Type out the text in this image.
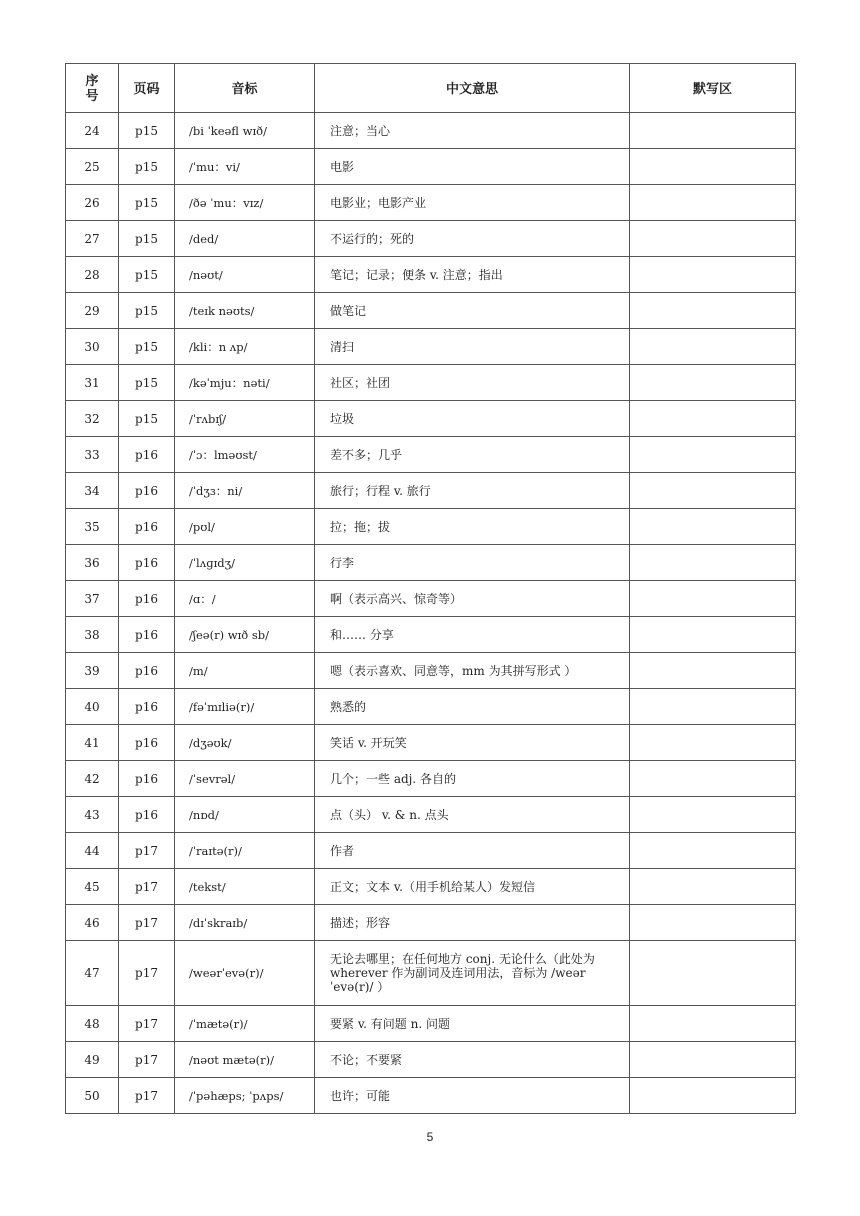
序号	页码	音标	中文意思	默写区
24	p15	/bi ˈkeəfl wɪð/	注意；当心	
25	p15	/ˈmu：vi/	电影	
26	p15	/ðə ˈmu：vɪz/	电影业；电影产业	
27	p15	/ded/	不运行的；死的	
28	p15	/nəʊt/	笔记；记录；便条 v. 注意；指出	
29	p15	/teɪk nəʊts/	做笔记	
30	p15	/kli：n ʌp/	清扫	
31	p15	/kəˈmju：nəti/	社区；社团	
32	p15	/ˈrʌbɪʃ/	垃圾	
33	p16	/ˈɔ：lməʊst/	差不多；几乎	
34	p16	/ˈdʒɜ：ni/	旅行；行程 v. 旅行	
35	p16	/pʊl/	拉；拖；拔	
36	p16	/ˈlʌɡɪdʒ/	行李	
37	p16	/ɑ：/	啊（表示高兴、惊奇等）	
38	p16	/ʃeə(r) wɪð sb/	和…… 分享	
39	p16	/m/	嗯（表示喜欢、同意等，mm 为其拼写形式 ）	
40	p16	/fəˈmɪliə(r)/	熟悉的	
41	p16	/dʒəʊk/	笑话 v. 开玩笑	
42	p16	/ˈsevrəl/	几个；一些 adj. 各自的	
43	p16	/nɒd/	点（头） v. & n. 点头	
44	p17	/ˈraɪtə(r)/	作者	
45	p17	/tekst/	正文；文本 v.（用手机给某人）发短信	
46	p17	/dɪˈskraɪb/	描述；形容	
47	p17	/weərˈevə(r)/	无论去哪里；在任何地方 conj. 无论什么（此处为 wherever 作为副词及连词用法，音标为 /weərˈevə(r)/ ）	
48	p17	/ˈmætə(r)/	要紧 v. 有问题 n. 问题	
49	p17	/nəʊt mætə(r)/	不论；不要紧	
50	p17	/ˈpəhæps; ˈpʌps/	也许；可能	
5
